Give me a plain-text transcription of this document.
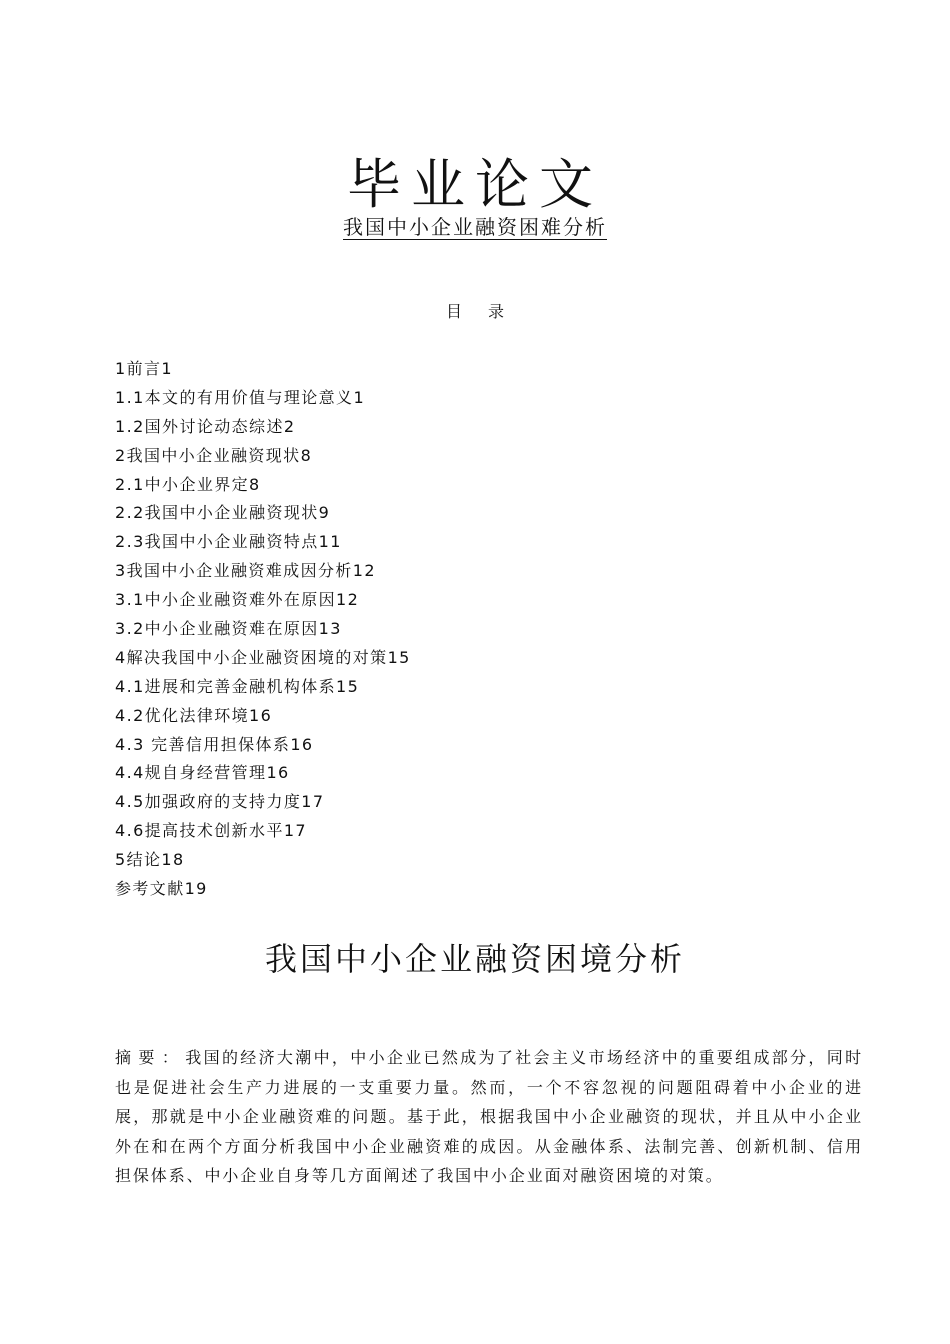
毕业论文
我国中小企业融资困难分析
目录
1前言1
1.1本文的有用价值与理论意义1
1.2国外讨论动态综述2
2我国中小企业融资现状8
2.1中小企业界定8
2.2我国中小企业融资现状9
2.3我国中小企业融资特点11
3我国中小企业融资难成因分析12
3.1中小企业融资难外在原因12
3.2中小企业融资难在原因13
4解决我国中小企业融资困境的对策15
4.1进展和完善金融机构体系15
4.2优化法律环境16
4.3 完善信用担保体系16
4.4规自身经营管理16
4.5加强政府的支持力度17
4.6提高技术创新水平17
5结论18
参考文献19
我国中小企业融资困境分析

摘要：我国的经济大潮中，中小企业已然成为了社会主义市场经济中的重要组成部分，同时也是促进社会生产力进展的一支重要力量。然而，一个不容忽视的问题阻碍着中小企业的进展，那就是中小企业融资难的问题。基于此，根据我国中小企业融资的现状，并且从中小企业外在和在两个方面分析我国中小企业融资难的成因。从金融体系、法制完善、创新机制、信用担保体系、中小企业自身等几方面阐述了我国中小企业面对融资困境的对策。
